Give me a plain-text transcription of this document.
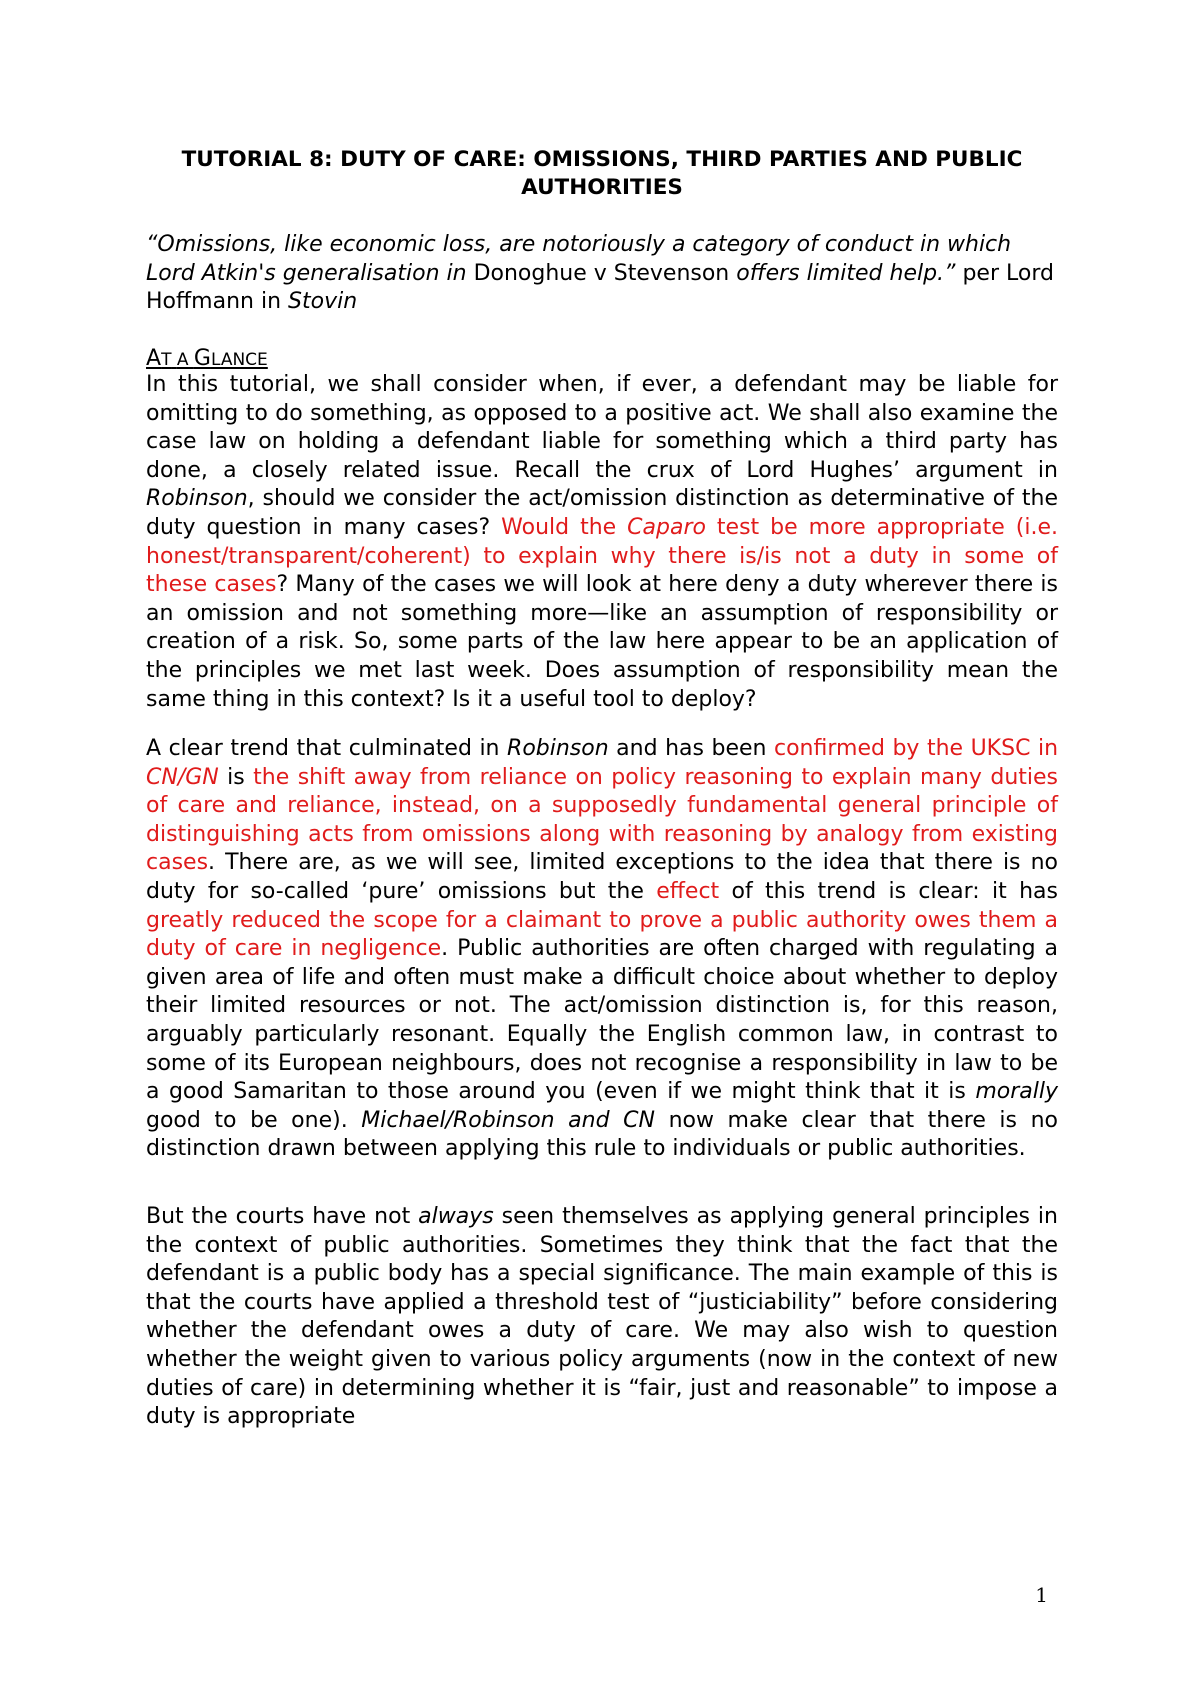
TUTORIAL 8: DUTY OF CARE: OMISSIONS, THIRD PARTIES AND PUBLIC AUTHORITIES
“Omissions, like economic loss, are notoriously a category of conduct in which Lord Atkin's generalisation in Donoghue v Stevenson offers limited help.” per Lord Hoffmann in Stovin
AT A GLANCE

In this tutorial, we shall consider when, if ever, a defendant may be liable for omitting to do something, as opposed to a positive act. We shall also examine the case law on holding a defendant liable for something which a third party has done, a closely related issue. Recall the crux of Lord Hughes’ argument in Robinson, should we consider the act/omission distinction as determinative of the duty question in many cases? Would the Caparo test be more appropriate (i.e. honest/transparent/coherent) to explain why there is/is not a duty in some of these cases? Many of the cases we will look at here deny a duty wherever there is an omission and not something more—like an assumption of responsibility or creation of a risk. So, some parts of the law here appear to be an application of the principles we met last week. Does assumption of responsibility mean the same thing in this context? Is it a useful tool to deploy?

A clear trend that culminated in Robinson and has been confirmed by the UKSC in CN/GN is the shift away from reliance on policy reasoning to explain many duties of care and reliance, instead, on a supposedly fundamental general principle of distinguishing acts from omissions along with reasoning by analogy from existing cases. There are, as we will see, limited exceptions to the idea that there is no duty for so-called ‘pure’ omissions but the effect of this trend is clear: it has greatly reduced the scope for a claimant to prove a public authority owes them a duty of care in negligence. Public authorities are often charged with regulating a given area of life and often must make a difficult choice about whether to deploy their limited resources or not. The act/omission distinction is, for this reason, arguably particularly resonant. Equally the English common law, in contrast to some of its European neighbours, does not recognise a responsibility in law to be a good Samaritan to those around you (even if we might think that it is morally good to be one). Michael/Robinson and CN now make clear that there is no distinction drawn between applying this rule to individuals or public authorities.

But the courts have not always seen themselves as applying general principles in the context of public authorities. Sometimes they think that the fact that the defendant is a public body has a special significance. The main example of this is that the courts have applied a threshold test of “justiciability” before considering whether the defendant owes a duty of care. We may also wish to question whether the weight given to various policy arguments (now in the context of new duties of care) in determining whether it is “fair, just and reasonable” to impose a duty is appropriate

1
